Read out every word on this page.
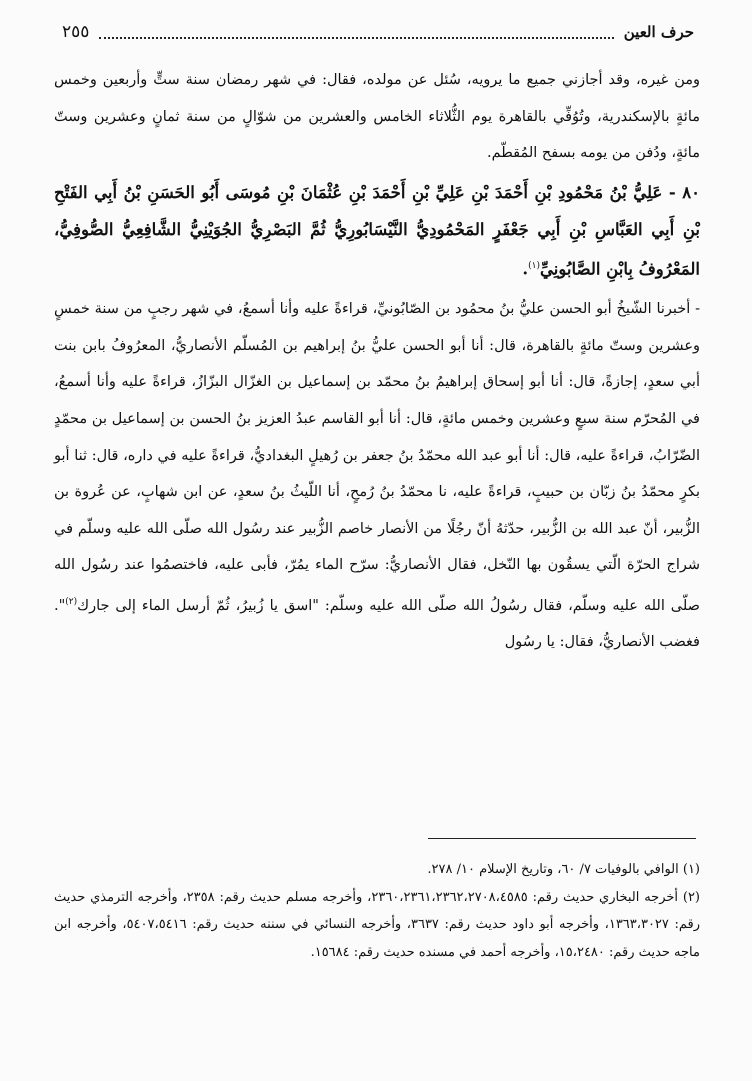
حرف العين
٢٥٥

ومن غيره، وقد أجازني جميع ما يرويه، سُئل عن مولده، فقال: في شهر رمضان سنة ستٍّ وأربعين وخمس مائةٍ بالإسكندرية، وتُوُفِّي بالقاهرة يوم الثُّلاثاء الخامس والعشرين من شوّالٍ من سنة ثمانٍ وعشرين وستّ مائةٍ، ودُفن من يومه بسفح المُقطّم.

٨٠ - عَلِيُّ بْنُ مَحْمُودِ بْنِ أَحْمَدَ بْنِ عَلِيِّ بْنِ أَحْمَدَ بْنِ عُثْمَانَ بْنِ مُوسَى أَبُو الحَسَنِ بْنُ أَبِي الفَتْحِ بْنِ أَبِي العَبَّاسِ بْنِ أَبِي جَعْفَرٍ المَحْمُودِيُّ النَّيْسَابُورِيُّ ثُمَّ البَصْرِيُّ الجُوَيْنِيُّ الشَّافِعِيُّ الصُّوفِيُّ، المَعْرُوفُ بِابْنِ الصَّابُونِيِّ$^{(١)}$.

- أخبرنا الشّيخُ أبو الحسن عليُّ بنُ محمُود بن الصّابُونيِّ، قراءةً عليه وأنا أسمعُ، في شهر رجبٍ من سنة خمسٍ وعشرين وستّ مائةٍ بالقاهرة، قال: أنا أبو الحسن عليُّ بنُ إبراهيم بن المُسلّم الأنصاريُّ، المعرُوفُ بابن بنت أبي سعدٍ، إجازةً، قال: أنا أبو إسحاق إبراهيمُ بنُ محمّد بن إسماعيل بن الغزّال البزّازُ، قراءةً عليه وأنا أسمعُ، في المُحرّم سنة سبعٍ وعشرين وخمس مائةٍ، قال: أنا أبو القاسم عبدُ العزيز بنُ الحسن بن إسماعيل بن محمّدٍ الضّرّابُ، قراءةً عليه، قال: أنا أبو عبد الله محمّدُ بنُ جعفر بن رُهيلٍ البغداديُّ، قراءةً عليه في داره، قال: ثنا أبو بكرٍ محمّدُ بنُ زبّان بن حبيبٍ، قراءةً عليه، نا محمّدُ بنُ رُمحٍ، أنا اللّيثُ بنُ سعدٍ، عن ابن شهابٍ، عن عُروة بن الزُّبير، أنّ عبد الله بن الزُّبير، حدّثهُ أنّ رجُلًا من الأنصار خاصم الزُّبير عند رسُول الله صلّى الله عليه وسلّم في شراج الحرّة الّتي يسقُون بها النّخل، فقال الأنصاريُّ: سرّح الماء يمُرّ، فأبى عليه، فاختصمُوا عند رسُول الله صلّى الله عليه وسلّم، فقال رسُولُ الله صلّى الله عليه وسلّم: "اسق يا زُبيرُ، ثُمّ أرسل الماء إلى جارك$^{(٢)}$". فغضب الأنصاريُّ، فقال: يا رسُول

(١) الوافي بالوفيات ٧/ ٦٠، وتاريخ الإسلام ١٠/ ٢٧٨.

(٢) أخرجه البخاري حديث رقم: ٢٣٦٠،٢٣٦١،٢٣٦٢،٢٧٠٨،٤٥٨٥، وأخرجه مسلم حديث رقم: ٢٣٥٨، وأخرجه الترمذي حديث رقم: ١٣٦٣،٣٠٢٧، وأخرجه أبو داود حديث رقم: ٣٦٣٧، وأخرجه النسائي في سننه حديث رقم: ٥٤٠٧،٥٤١٦، وأخرجه ابن ماجه حديث رقم: ١٥،٢٤٨٠، وأخرجه أحمد في مسنده حديث رقم: ١٥٦٨٤.
